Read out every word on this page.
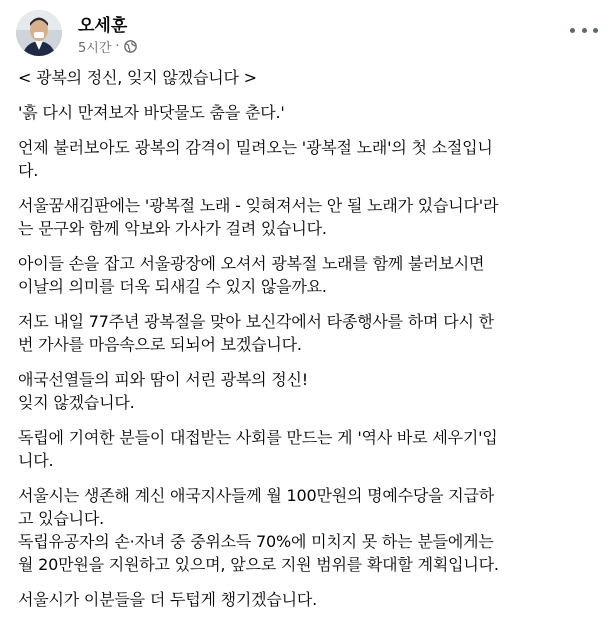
오세훈
5시간 ·

< 광복의 정신, 잊지 않겠습니다 >

'흙 다시 만져보자 바닷물도 춤을 춘다.'

언제 불러보아도 광복의 감격이 밀려오는 '광복절 노래'의 첫 소절입니
다.

서울꿈새김판에는 '광복절 노래 - 잊혀져서는 안 될 노래가 있습니다'라
는 문구와 함께 악보와 가사가 걸려 있습니다.

아이들 손을 잡고 서울광장에 오셔서 광복절 노래를 함께 불러보시면
이날의 의미를 더욱 되새길 수 있지 않을까요.

저도 내일 77주년 광복절을 맞아 보신각에서 타종행사를 하며 다시 한
번 가사를 마음속으로 되뇌어 보겠습니다.

애국선열들의 피와 땀이 서린 광복의 정신!
잊지 않겠습니다.

독립에 기여한 분들이 대접받는 사회를 만드는 게 '역사 바로 세우기'입
니다.

서울시는 생존해 계신 애국지사들께 월 100만원의 명예수당을 지급하
고 있습니다.
독립유공자의 손·자녀 중 중위소득 70%에 미치지 못 하는 분들에게는
월 20만원을 지원하고 있으며, 앞으로 지원 범위를 확대할 계획입니다.

서울시가 이분들을 더 두텁게 챙기겠습니다.
